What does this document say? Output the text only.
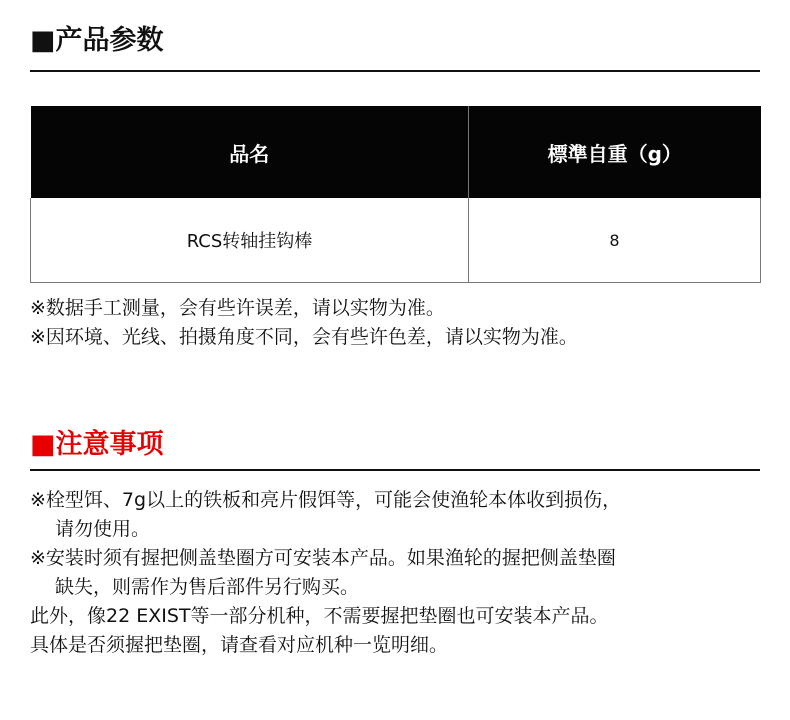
■产品参数
品名	標準自重（g）
RCS转轴挂钩棒	8
※数据手工测量，会有些许误差，请以实物为准。
※因环境、光线、拍摄角度不同，会有些许色差，请以实物为准。
■注意事项
※栓型饵、7g以上的铁板和亮片假饵等，可能会使渔轮本体收到损伤，
请勿使用。
※安装时须有握把侧盖垫圈方可安装本产品。如果渔轮的握把侧盖垫圈
缺失，则需作为售后部件另行购买。
此外，像22 EXIST等一部分机种，不需要握把垫圈也可安装本产品。
具体是否须握把垫圈，请查看对应机种一览明细。
